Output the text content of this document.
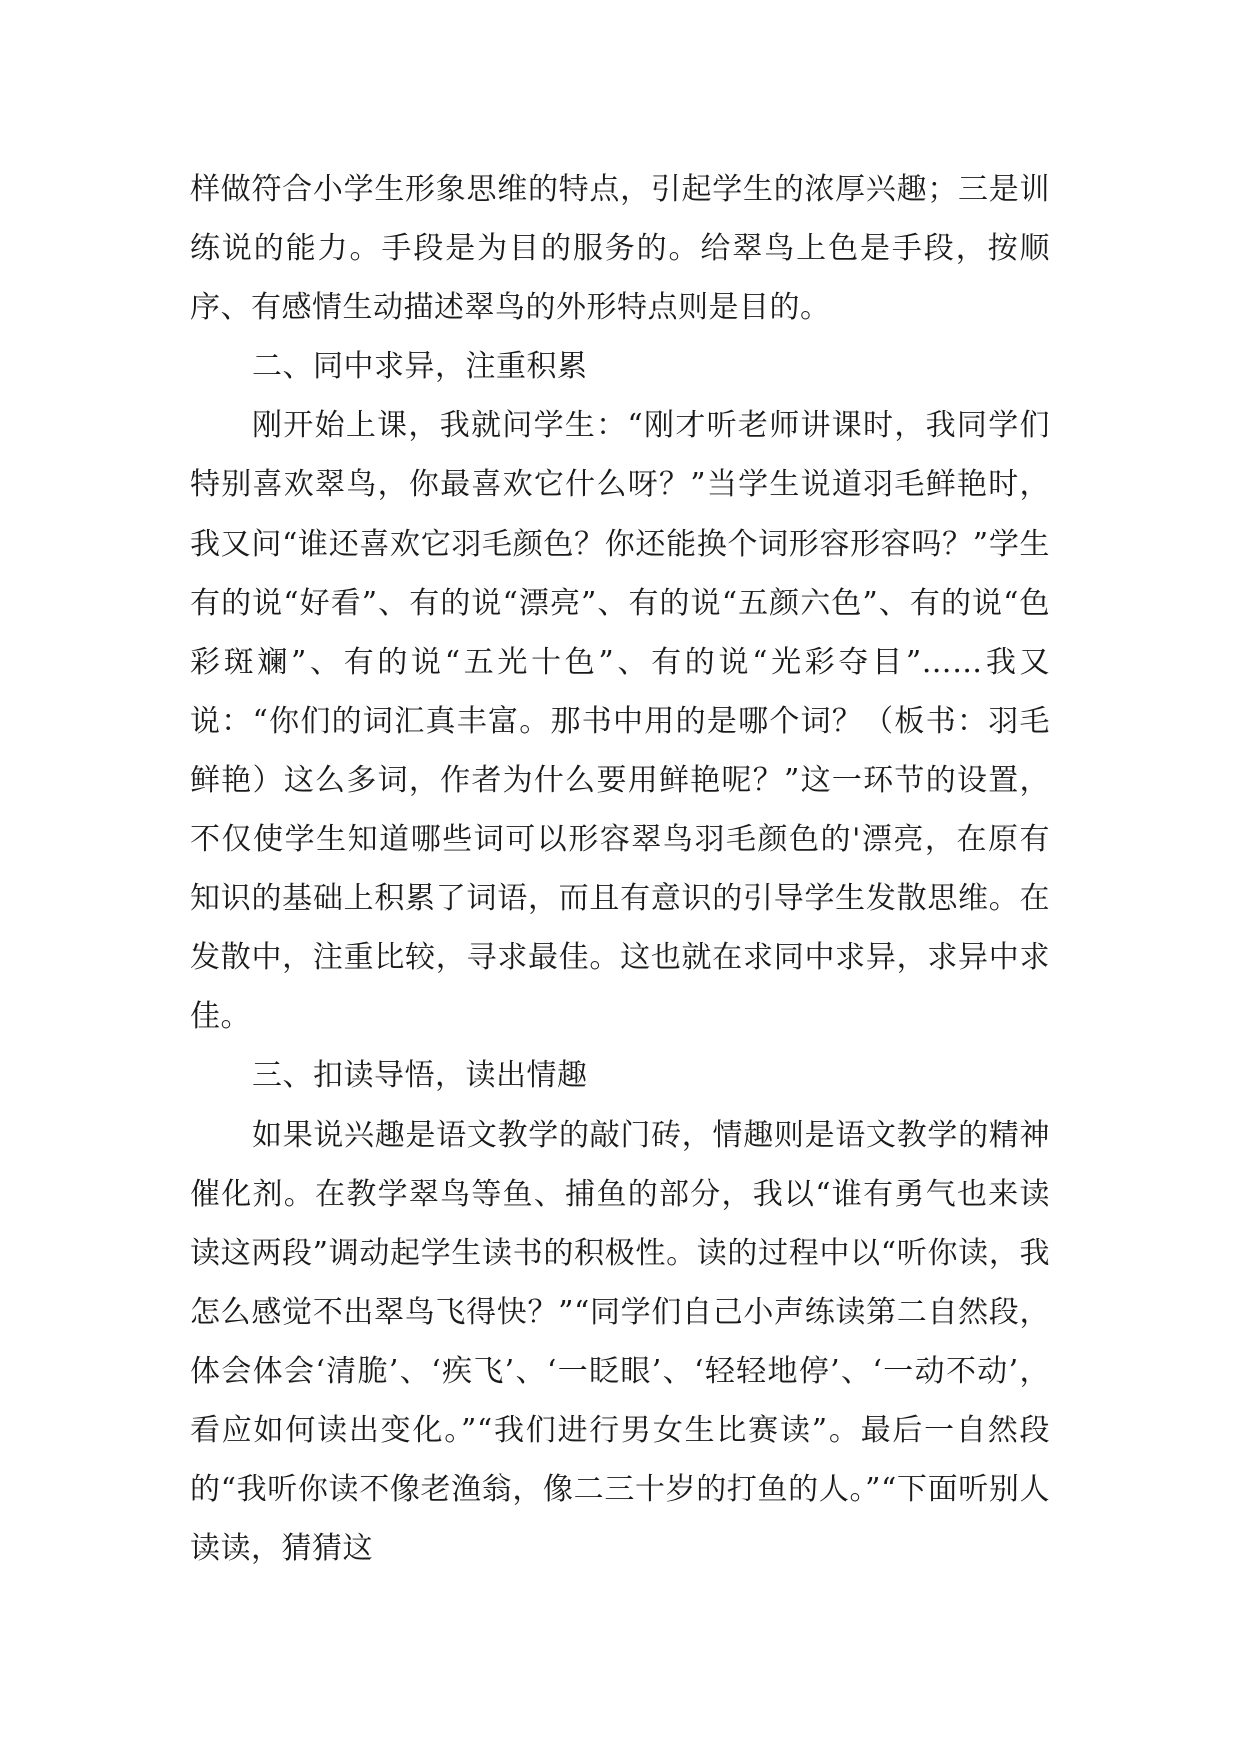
样做符合小学生形象思维的特点，引起学生的浓厚兴趣；三是训练说的能力。手段是为目的服务的。给翠鸟上色是手段，按顺序、有感情生动描述翠鸟的外形特点则是目的。

二、同中求异，注重积累

刚开始上课，我就问学生：“刚才听老师讲课时，我同学们特别喜欢翠鸟，你最喜欢它什么呀？”当学生说道羽毛鲜艳时，我又问“谁还喜欢它羽毛颜色？你还能换个词形容形容吗？”学生有的说“好看”、有的说“漂亮”、有的说“五颜六色”、有的说“色彩斑斓”、有的说“五光十色”、有的说“光彩夺目”……我又说：“你们的词汇真丰富。那书中用的是哪个词？（板书：羽毛鲜艳）这么多词，作者为什么要用鲜艳呢？”这一环节的设置，不仅使学生知道哪些词可以形容翠鸟羽毛颜色的'漂亮，在原有知识的基础上积累了词语，而且有意识的引导学生发散思维。在发散中，注重比较，寻求最佳。这也就在求同中求异，求异中求佳。

三、扣读导悟，读出情趣

如果说兴趣是语文教学的敲门砖，情趣则是语文教学的精神催化剂。在教学翠鸟等鱼、捕鱼的部分，我以“谁有勇气也来读读这两段”调动起学生读书的积极性。读的过程中以“听你读，我怎么感觉不出翠鸟飞得快？”“同学们自己小声练读第二自然段，体会体会‘清脆’、‘疾飞’、‘一眨眼’、‘轻轻地停’、‘一动不动’，看应如何读出变化。”“我们进行男女生比赛读”。最后一自然段的“我听你读不像老渔翁，像二三十岁的打鱼的人。”“下面听别人读读，猜猜这
